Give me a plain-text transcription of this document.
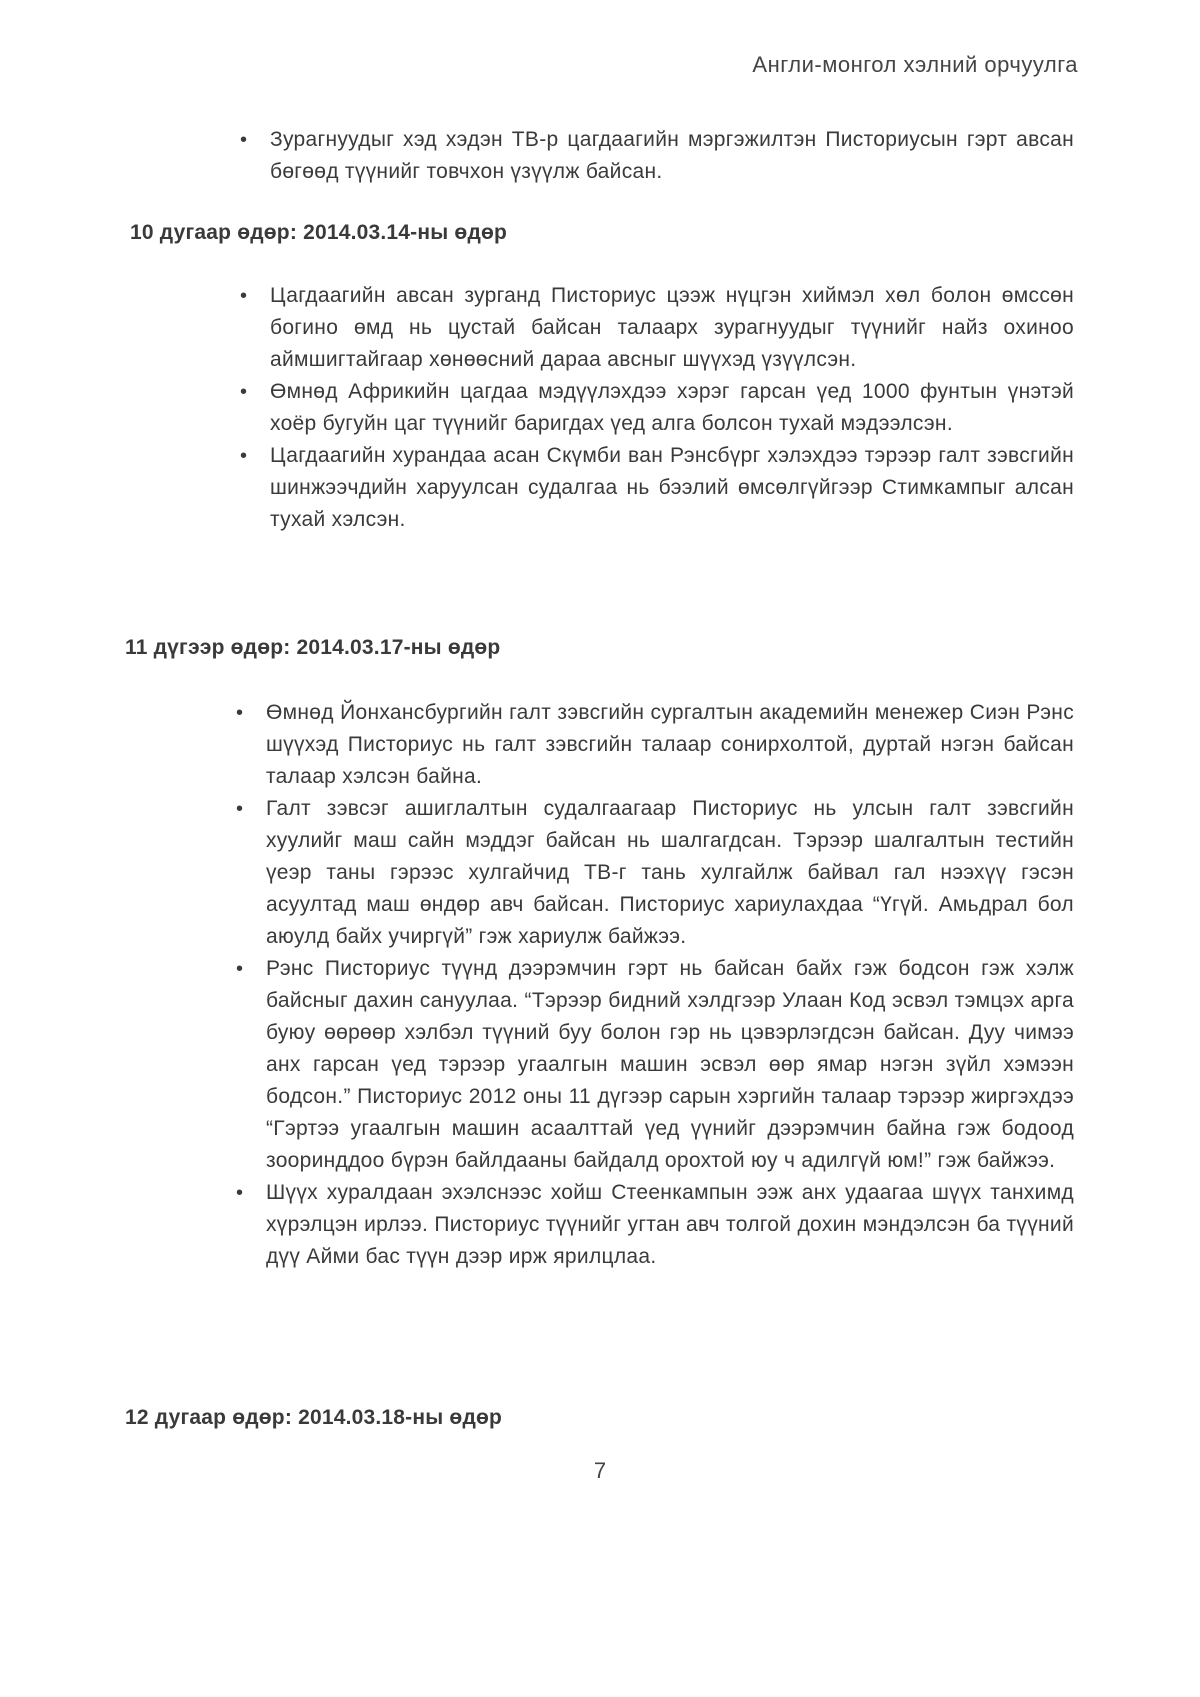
Англи-монгол хэлний орчуулга
• Зурагнуудыг хэд хэдэн ТВ-р цагдаагийн мэргэжилтэн Писториусын гэрт авсан бөгөөд түүнийг товчхон үзүүлж байсан.
10 дугаар өдөр: 2014.03.14-ны өдөр
• Цагдаагийн авсан зурганд Писториус цээж нүцгэн хиймэл хөл болон өмссөн богино өмд нь цустай байсан талаарх зурагнуудыг түүнийг найз охиноо аймшигтайгаар хөнөөсний дараа авсныг шүүхэд үзүүлсэн.
• Өмнөд Африкийн цагдаа мэдүүлэхдээ хэрэг гарсан үед 1000 фунтын үнэтэй хоёр бугуйн цаг түүнийг баригдах үед алга болсон тухай мэдээлсэн.
• Цагдаагийн хурандаа асан Скүмби ван Рэнсбүрг хэлэхдээ тэрээр галт зэвсгийн шинжээчдийн харуулсан судалгаа нь бээлий өмсөлгүйгээр Стимкампыг алсан тухай хэлсэн.
11 дүгээр өдөр: 2014.03.17-ны өдөр
• Өмнөд Йонхансбургийн галт зэвсгийн сургалтын академийн менежер Сиэн Рэнс шүүхэд Писториус нь галт зэвсгийн талаар сонирхолтой, дуртай нэгэн байсан талаар хэлсэн байна.
• Галт зэвсэг ашиглалтын судалгаагаар Писториус нь улсын галт зэвсгийн хуулийг маш сайн мэддэг байсан нь шалгагдсан. Тэрээр шалгалтын тестийн үеэр таны гэрээс хулгайчид ТВ-г тань хулгайлж байвал гал нээхүү гэсэн асуултад маш өндөр авч байсан. Писториус хариулахдаа “Үгүй. Амьдрал бол аюулд байх учиргүй” гэж хариулж байжээ.
• Рэнс Писториус түүнд дээрэмчин гэрт нь байсан байх гэж бодсон гэж хэлж байсныг дахин сануулаа. “Тэрээр бидний хэлдгээр Улаан Код эсвэл тэмцэх арга буюу өөрөөр хэлбэл түүний буу болон гэр нь цэвэрлэгдсэн байсан. Дуу чимээ анх гарсан үед тэрээр угаалгын машин эсвэл өөр ямар нэгэн зүйл хэмээн бодсон.” Писториус 2012 оны 11 дүгээр сарын хэргийн талаар тэрээр жиргэхдээ “Гэртээ угаалгын машин асаалттай үед үүнийг дээрэмчин байна гэж бодоод зооринддоо бүрэн байлдааны байдалд орохтой юу ч адилгүй юм!” гэж байжээ.
• Шүүх хуралдаан эхэлснээс хойш Стеенкампын ээж анх удаагаа шүүх танхимд хүрэлцэн ирлээ. Писториус түүнийг угтан авч толгой дохин мэндэлсэн ба түүний дүү Айми бас түүн дээр ирж ярилцлаа.
12 дугаар өдөр: 2014.03.18-ны өдөр
7
